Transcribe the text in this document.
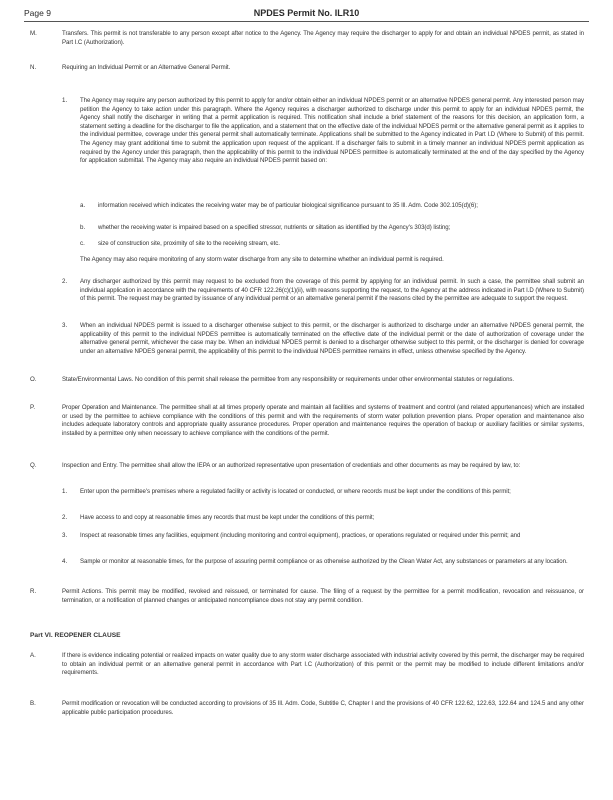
Page 9	NPDES Permit No. ILR10
M.	Transfers. This permit is not transferable to any person except after notice to the Agency. The Agency may require the discharger to apply for and obtain an individual NPDES permit, as stated in Part I.C (Authorization).
N.	Requiring an Individual Permit or an Alternative General Permit.
1. The Agency may require any person authorized by this permit to apply for and/or obtain either an individual NPDES permit or an alternative NPDES general permit. Any interested person may petition the Agency to take action under this paragraph. Where the Agency requires a discharger authorized to discharge under this permit to apply for an individual NPDES permit, the Agency shall notify the discharger in writing that a permit application is required. This notification shall include a brief statement of the reasons for this decision, an application form, a statement setting a deadline for the discharger to file the application, and a statement that on the effective date of the individual NPDES permit or the alternative general permit as it applies to the individual permittee, coverage under this general permit shall automatically terminate. Applications shall be submitted to the Agency indicated in Part I.D (Where to Submit) of this permit. The Agency may grant additional time to submit the application upon request of the applicant. If a discharger fails to submit in a timely manner an individual NPDES permit application as required by the Agency under this paragraph, then the applicability of this permit to the individual NPDES permittee is automatically terminated at the end of the day specified by the Agency for application submittal. The Agency may also require an individual NPDES permit based on:
a. information received which indicates the receiving water may be of particular biological significance pursuant to 35 Ill. Adm. Code 302.105(d)(6);
b. whether the receiving water is impaired based on a specified stressor, nutrients or siltation as identified by the Agency's 303(d) listing;
c. size of construction site, proximity of site to the receiving stream, etc.
The Agency may also require monitoring of any storm water discharge from any site to determine whether an individual permit is required.
2. Any discharger authorized by this permit may request to be excluded from the coverage of this permit by applying for an individual permit. In such a case, the permittee shall submit an individual application in accordance with the requirements of 40 CFR 122.26(c)(1)(ii), with reasons supporting the request, to the Agency at the address indicated in Part I.D (Where to Submit) of this permit. The request may be granted by issuance of any individual permit or an alternative general permit if the reasons cited by the permittee are adequate to support the request.
3. When an individual NPDES permit is issued to a discharger otherwise subject to this permit, or the discharger is authorized to discharge under an alternative NPDES general permit, the applicability of this permit to the individual NPDES permittee is automatically terminated on the effective date of the individual permit or the date of authorization of coverage under the alternative general permit, whichever the case may be. When an individual NPDES permit is denied to a discharger otherwise subject to this permit, or the discharger is denied for coverage under an alternative NPDES general permit, the applicability of this permit to the individual NPDES permittee remains in effect, unless otherwise specified by the Agency.
O.	State/Environmental Laws. No condition of this permit shall release the permittee from any responsibility or requirements under other environmental statutes or regulations.
P.	Proper Operation and Maintenance. The permittee shall at all times properly operate and maintain all facilities and systems of treatment and control (and related appurtenances) which are installed or used by the permittee to achieve compliance with the conditions of this permit and with the requirements of storm water pollution prevention plans. Proper operation and maintenance also includes adequate laboratory controls and appropriate quality assurance procedures. Proper operation and maintenance requires the operation of backup or auxiliary facilities or similar systems, installed by a permittee only when necessary to achieve compliance with the conditions of the permit.
Q.	Inspection and Entry. The permittee shall allow the IEPA or an authorized representative upon presentation of credentials and other documents as may be required by law, to:
1. Enter upon the permittee's premises where a regulated facility or activity is located or conducted, or where records must be kept under the conditions of this permit;
2. Have access to and copy at reasonable times any records that must be kept under the conditions of this permit;
3. Inspect at reasonable times any facilities, equipment (including monitoring and control equipment), practices, or operations regulated or required under this permit; and
4. Sample or monitor at reasonable times, for the purpose of assuring permit compliance or as otherwise authorized by the Clean Water Act, any substances or parameters at any location.
R.	Permit Actions. This permit may be modified, revoked and reissued, or terminated for cause. The filing of a request by the permittee for a permit modification, revocation and reissuance, or termination, or a notification of planned changes or anticipated noncompliance does not stay any permit condition.
Part VI. REOPENER CLAUSE
A.	If there is evidence indicating potential or realized impacts on water quality due to any storm water discharge associated with industrial activity covered by this permit, the discharger may be required to obtain an individual permit or an alternative general permit in accordance with Part I.C (Authorization) of this permit or the permit may be modified to include different limitations and/or requirements.
B.	Permit modification or revocation will be conducted according to provisions of 35 Ill. Adm. Code, Subtitle C, Chapter I and the provisions of 40 CFR 122.62, 122.63, 122.64 and 124.5 and any other applicable public participation procedures.
